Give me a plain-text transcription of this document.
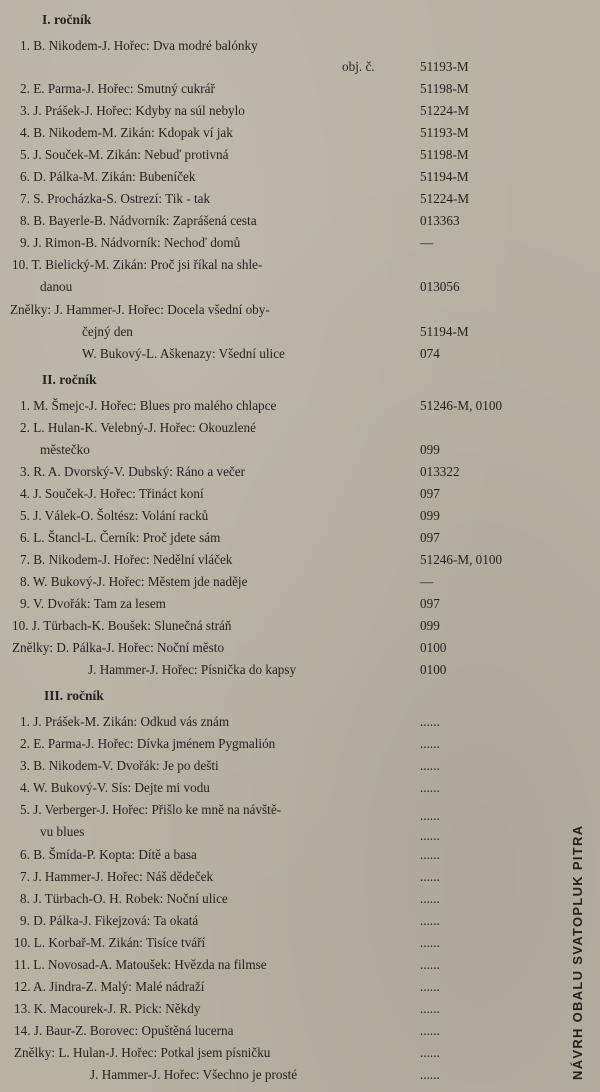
I. ročník
1. B. Nikodem-J. Hořec: Dva modré balónky
obj. č.	51193-M
2. E. Parma-J. Hořec: Smutný cukrář	51198-M
3. J. Prášek-J. Hořec: Kdyby na súl nebylo	51224-M
4. B. Nikodem-M. Zikán: Kdopak ví jak	51193-M
5. J. Souček-M. Zikán: Nebuď protivná	51198-M
6. D. Pálka-M. Zikán: Bubeníček	51194-M
7. S. Procházka-S. Ostrezí: Tik - tak	51224-M
8. B. Bayerle-B. Nádvorník: Zaprášená cesta	013363
9. J. Rimon-B. Nádvorník: Nechoď domů	—
10. T. Bielický-M. Zikán: Proč jsi říkal na shle-
danou	013056
Znělky: J. Hammer-J. Hořec: Docela všední oby-
čejný den	51194-M
W. Bukový-L. Aškenazy: Všední ulice	074
II. ročník
1. M. Šmejc-J. Hořec: Blues pro malého chlapce	51246-M, 0100
2. L. Hulan-K. Velebný-J. Hořec: Okouzlené
městečko	099
3. R. A. Dvorský-V. Dubský: Ráno a večer	013322
4. J. Souček-J. Hořec: Třináct koní	097
5. J. Válek-O. Šoltész: Volání racků	099
6. L. Štancl-L. Černík: Proč jdete sám	097
7. B. Nikodem-J. Hořec: Nedělní vláček	51246-M, 0100
8. W. Bukový-J. Hořec: Městem jde naděje	—
9. V. Dvořák: Tam za lesem	097
10. J. Türbach-K. Boušek: Slunečná stráň	099
Znělky: D. Pálka-J. Hořec: Noční město	0100
J. Hammer-J. Hořec: Písnička do kapsy	0100
III. ročník
1. J. Prášek-M. Zikán: Odkud vás znám	......
2. E. Parma-J. Hořec: Dívka jménem Pygmalión	......
3. B. Nikodem-V. Dvořák: Je po dešti	......
4. W. Bukový-V. Sís: Dejte mi vodu	......
5. J. Verberger-J. Hořec: Přišlo ke mně na návště-	......
vu blues	......
6. B. Šmída-P. Kopta: Dítě a basa	......
7. J. Hammer-J. Hořec: Náš dědeček	......
8. J. Türbach-O. H. Robek: Noční ulice	......
9. D. Pálka-J. Fikejzová: Ta okatá	......
10. L. Korbař-M. Zikán: Tisíce tváří	......
11. L. Novosad-A. Matoušek: Hvězda na filmse	......
12. A. Jindra-Z. Malý: Malé nádraží	......
13. K. Macourek-J. R. Pick: Někdy	......
14. J. Baur-Z. Borovec: Opuštěná lucerna	......
Znělky: L. Hulan-J. Hořec: Potkal jsem písničku	......
J. Hammer-J. Hořec: Všechno je prosté	......	NÁVRH OBALU SVATOPLUK PITRA
